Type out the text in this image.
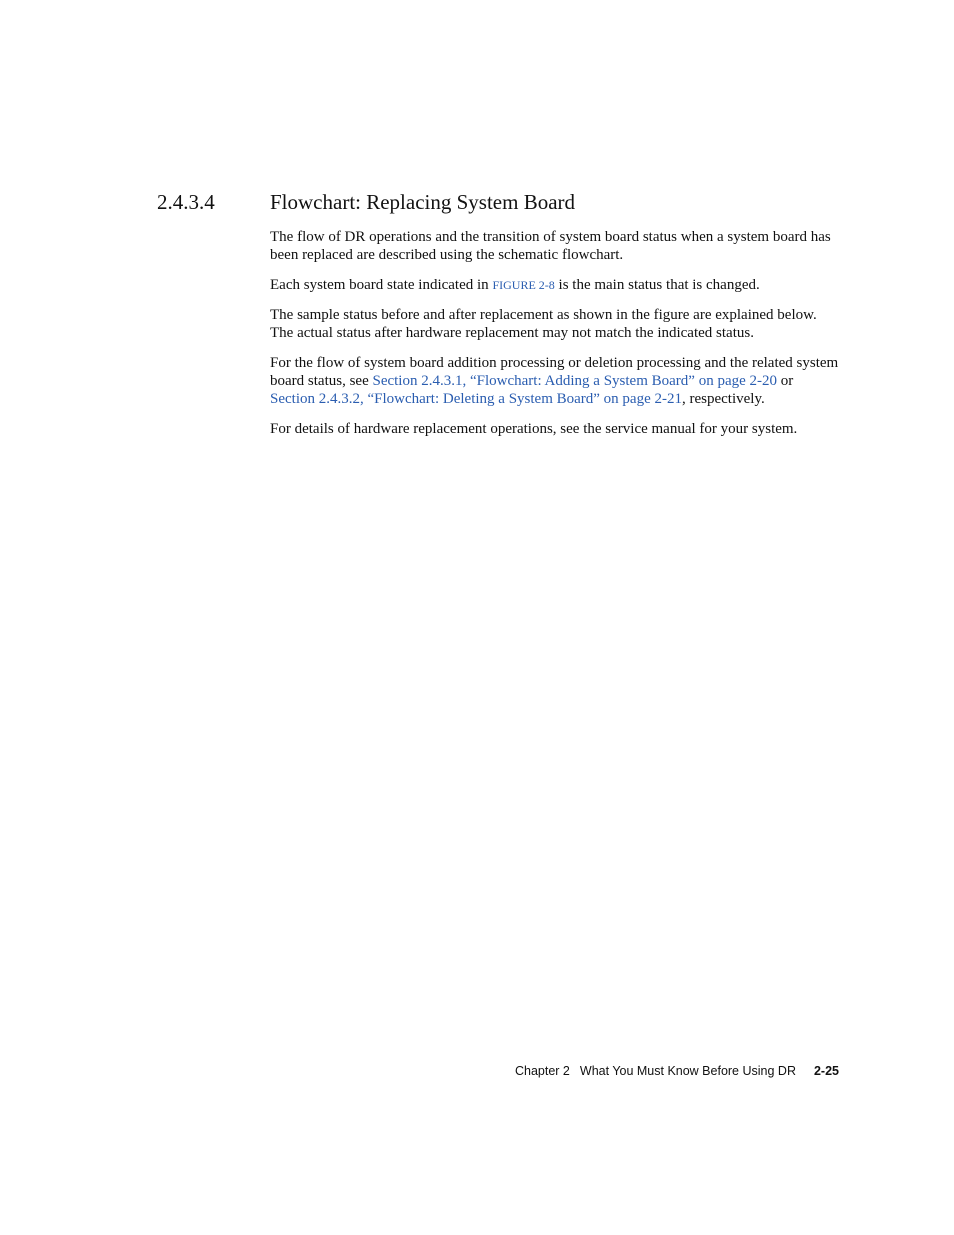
2.4.3.4	Flowchart: Replacing System Board

The flow of DR operations and the transition of system board status when a system board has been replaced are described using the schematic flowchart.

Each system board state indicated in FIGURE 2-8 is the main status that is changed.

The sample status before and after replacement as shown in the figure are explained below. The actual status after hardware replacement may not match the indicated status.

For the flow of system board addition processing or deletion processing and the related system board status, see Section 2.4.3.1, “Flowchart: Adding a System Board” on page 2-20 or Section 2.4.3.2, “Flowchart: Deleting a System Board” on page 2-21, respectively.

For details of hardware replacement operations, see the service manual for your system.

Chapter 2 What You Must Know Before Using DR 2-25
